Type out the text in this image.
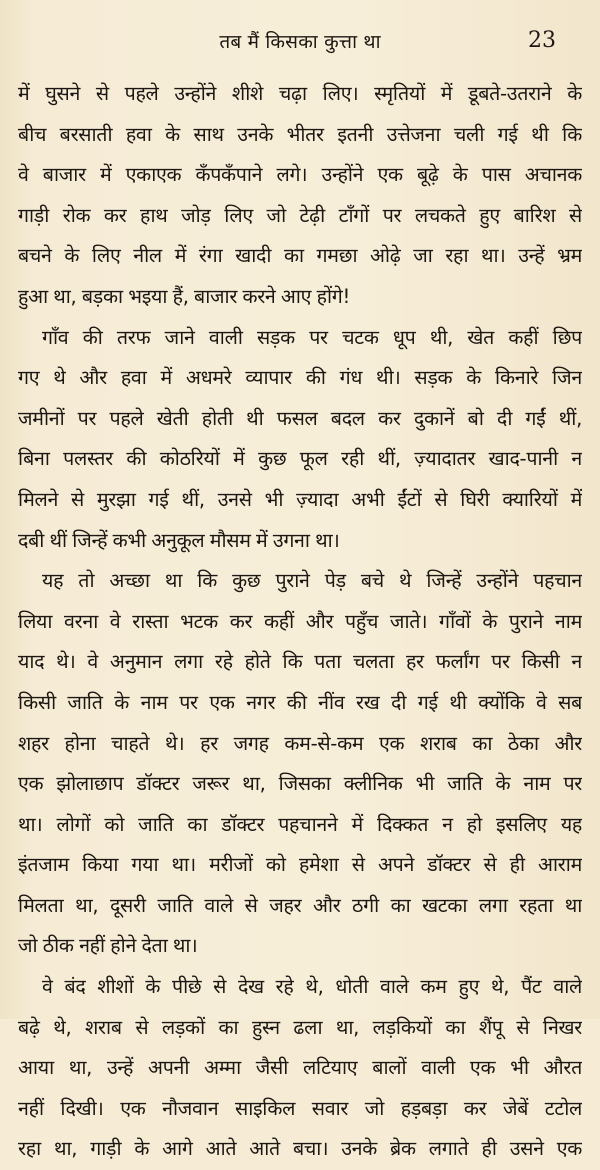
तब मैं किसका कुत्ता था	23
में घुसने से पहले उन्होंने शीशे चढ़ा लिए। स्मृतियों में डूबते-उतराने के
बीच बरसाती हवा के साथ उनके भीतर इतनी उत्तेजना चली गई थी कि
वे बाजार में एकाएक कँपकँपाने लगे। उन्होंने एक बूढ़े के पास अचानक
गाड़ी रोक कर हाथ जोड़ लिए जो टेढ़ी टाँगों पर लचकते हुए बारिश से
बचने के लिए नील में रंगा खादी का गमछा ओढ़े जा रहा था। उन्हें भ्रम
हुआ था, बड़का भइया हैं, बाजार करने आए होंगे!
गाँव की तरफ जाने वाली सड़क पर चटक धूप थी, खेत कहीं छिप
गए थे और हवा में अधमरे व्यापार की गंध थी। सड़क के किनारे जिन
जमीनों पर पहले खेती होती थी फसल बदल कर दुकानें बो दी गईं थीं,
बिना पलस्तर की कोठरियों में कुछ फूल रही थीं, ज़्यादातर खाद-पानी न
मिलने से मुरझा गई थीं, उनसे भी ज़्यादा अभी ईंटों से घिरी क्यारियों में
दबी थीं जिन्हें कभी अनुकूल मौसम में उगना था।
यह तो अच्छा था कि कुछ पुराने पेड़ बचे थे जिन्हें उन्होंने पहचान
लिया वरना वे रास्ता भटक कर कहीं और पहुँच जाते। गाँवों के पुराने नाम
याद थे। वे अनुमान लगा रहे होते कि पता चलता हर फर्लांग पर किसी न
किसी जाति के नाम पर एक नगर की नींव रख दी गई थी क्योंकि वे सब
शहर होना चाहते थे। हर जगह कम-से-कम एक शराब का ठेका और
एक झोलाछाप डॉक्टर जरूर था, जिसका क्लीनिक भी जाति के नाम पर
था। लोगों को जाति का डॉक्टर पहचानने में दिक्कत न हो इसलिए यह
इंतजाम किया गया था। मरीजों को हमेशा से अपने डॉक्टर से ही आराम
मिलता था, दूसरी जाति वाले से जहर और ठगी का खटका लगा रहता था
जो ठीक नहीं होने देता था।
वे बंद शीशों के पीछे से देख रहे थे, धोती वाले कम हुए थे, पैंट वाले
बढ़े थे, शराब से लड़कों का हुस्न ढला था, लड़कियों का शैंपू से निखर
आया था, उन्हें अपनी अम्मा जैसी लटियाए बालों वाली एक भी औरत
नहीं दिखी। एक नौजवान साइकिल सवार जो हड़बड़ा कर जेबें टटोल
रहा था, गाड़ी के आगे आते आते बचा। उनके ब्रेक लगाते ही उसने एक
